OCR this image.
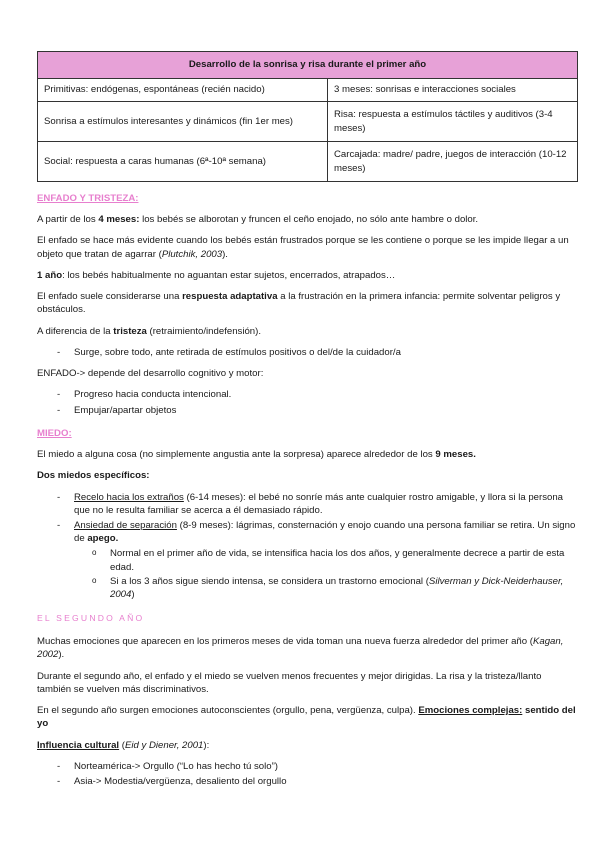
Desarrollo de la sonrisa y risa durante el primer año	
Primitivas: endógenas, espontáneas (recién nacido)	3 meses: sonrisas e interacciones sociales
Sonrisa a estímulos interesantes y dinámicos (fin 1er mes)	Risa: respuesta a estímulos táctiles y auditivos (3-4 meses)
Social: respuesta a caras humanas (6ª-10ª semana)	Carcajada: madre/ padre, juegos de interacción (10-12 meses)
ENFADO Y TRISTEZA:

A partir de los 4 meses: los bebés se alborotan y fruncen el ceño enojado, no sólo ante hambre o dolor.

El enfado se hace más evidente cuando los bebés están frustrados porque se les contiene o porque se les impide llegar a un objeto que tratan de agarrar (Plutchik, 2003).

1 año: los bebés habitualmente no aguantan estar sujetos, encerrados, atrapados…

El enfado suele considerarse una respuesta adaptativa a la frustración en la primera infancia: permite solventar peligros y obstáculos.

A diferencia de la tristeza (retraimiento/indefensión).

- Surge, sobre todo, ante retirada de estímulos positivos o del/de la cuidador/a

ENFADO-> depende del desarrollo cognitivo y motor:

- Progreso hacia conducta intencional.
- Empujar/apartar objetos
MIEDO:

El miedo a alguna cosa (no simplemente angustia ante la sorpresa) aparece alrededor de los 9 meses.

Dos miedos específicos:

- Recelo hacia los extraños (6-14 meses): el bebé no sonríe más ante cualquier rostro amigable, y llora si la persona que no le resulta familiar se acerca a él demasiado rápido.
- Ansiedad de separación (8-9 meses): lágrimas, consternación y enojo cuando una persona familiar se retira. Un signo de apego.
o Normal en el primer año de vida, se intensifica hacia los dos años, y generalmente decrece a partir de esta edad.
o Si a los 3 años sigue siendo intensa, se considera un trastorno emocional (Silverman y Dick-Neiderhauser, 2004)
EL SEGUNDO AÑO

Muchas emociones que aparecen en los primeros meses de vida toman una nueva fuerza alrededor del primer año (Kagan, 2002).

Durante el segundo año, el enfado y el miedo se vuelven menos frecuentes y mejor dirigidas. La risa y la tristeza/llanto también se vuelven más discriminativos.

En el segundo año surgen emociones autoconscientes (orgullo, pena, vergüenza, culpa). Emociones complejas: sentido del yo

Influencia cultural (Eid y Diener, 2001):

- Norteamérica-> Orgullo (“Lo has hecho tú solo”)
- Asia-> Modestia/vergüenza, desaliento del orgullo
